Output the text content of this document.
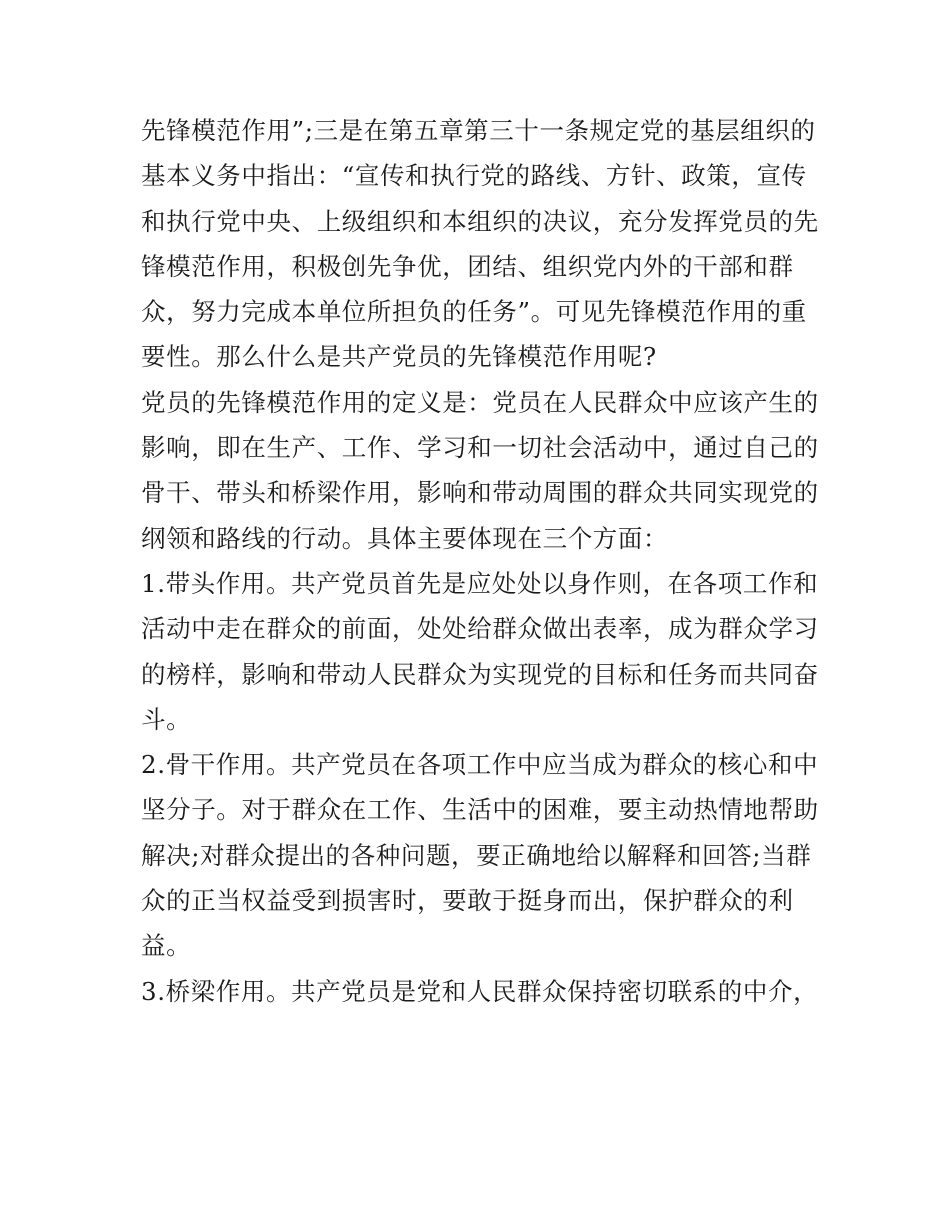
先锋模范作用”;三是在第五章第三十一条规定党的基层组织的
基本义务中指出：“宣传和执行党的路线、方针、政策，宣传
和执行党中央、上级组织和本组织的决议，充分发挥党员的先
锋模范作用，积极创先争优，团结、组织党内外的干部和群
众，努力完成本单位所担负的任务”。可见先锋模范作用的重
要性。那么什么是共产党员的先锋模范作用呢?
党员的先锋模范作用的定义是：党员在人民群众中应该产生的
影响，即在生产、工作、学习和一切社会活动中，通过自己的
骨干、带头和桥梁作用，影响和带动周围的群众共同实现党的
纲领和路线的行动。具体主要体现在三个方面：
1.带头作用。共产党员首先是应处处以身作则，在各项工作和
活动中走在群众的前面，处处给群众做出表率，成为群众学习
的榜样，影响和带动人民群众为实现党的目标和任务而共同奋
斗。
2.骨干作用。共产党员在各项工作中应当成为群众的核心和中
坚分子。对于群众在工作、生活中的困难，要主动热情地帮助
解决;对群众提出的各种问题，要正确地给以解释和回答;当群
众的正当权益受到损害时，要敢于挺身而出，保护群众的利
益。
3.桥梁作用。共产党员是党和人民群众保持密切联系的中介，
